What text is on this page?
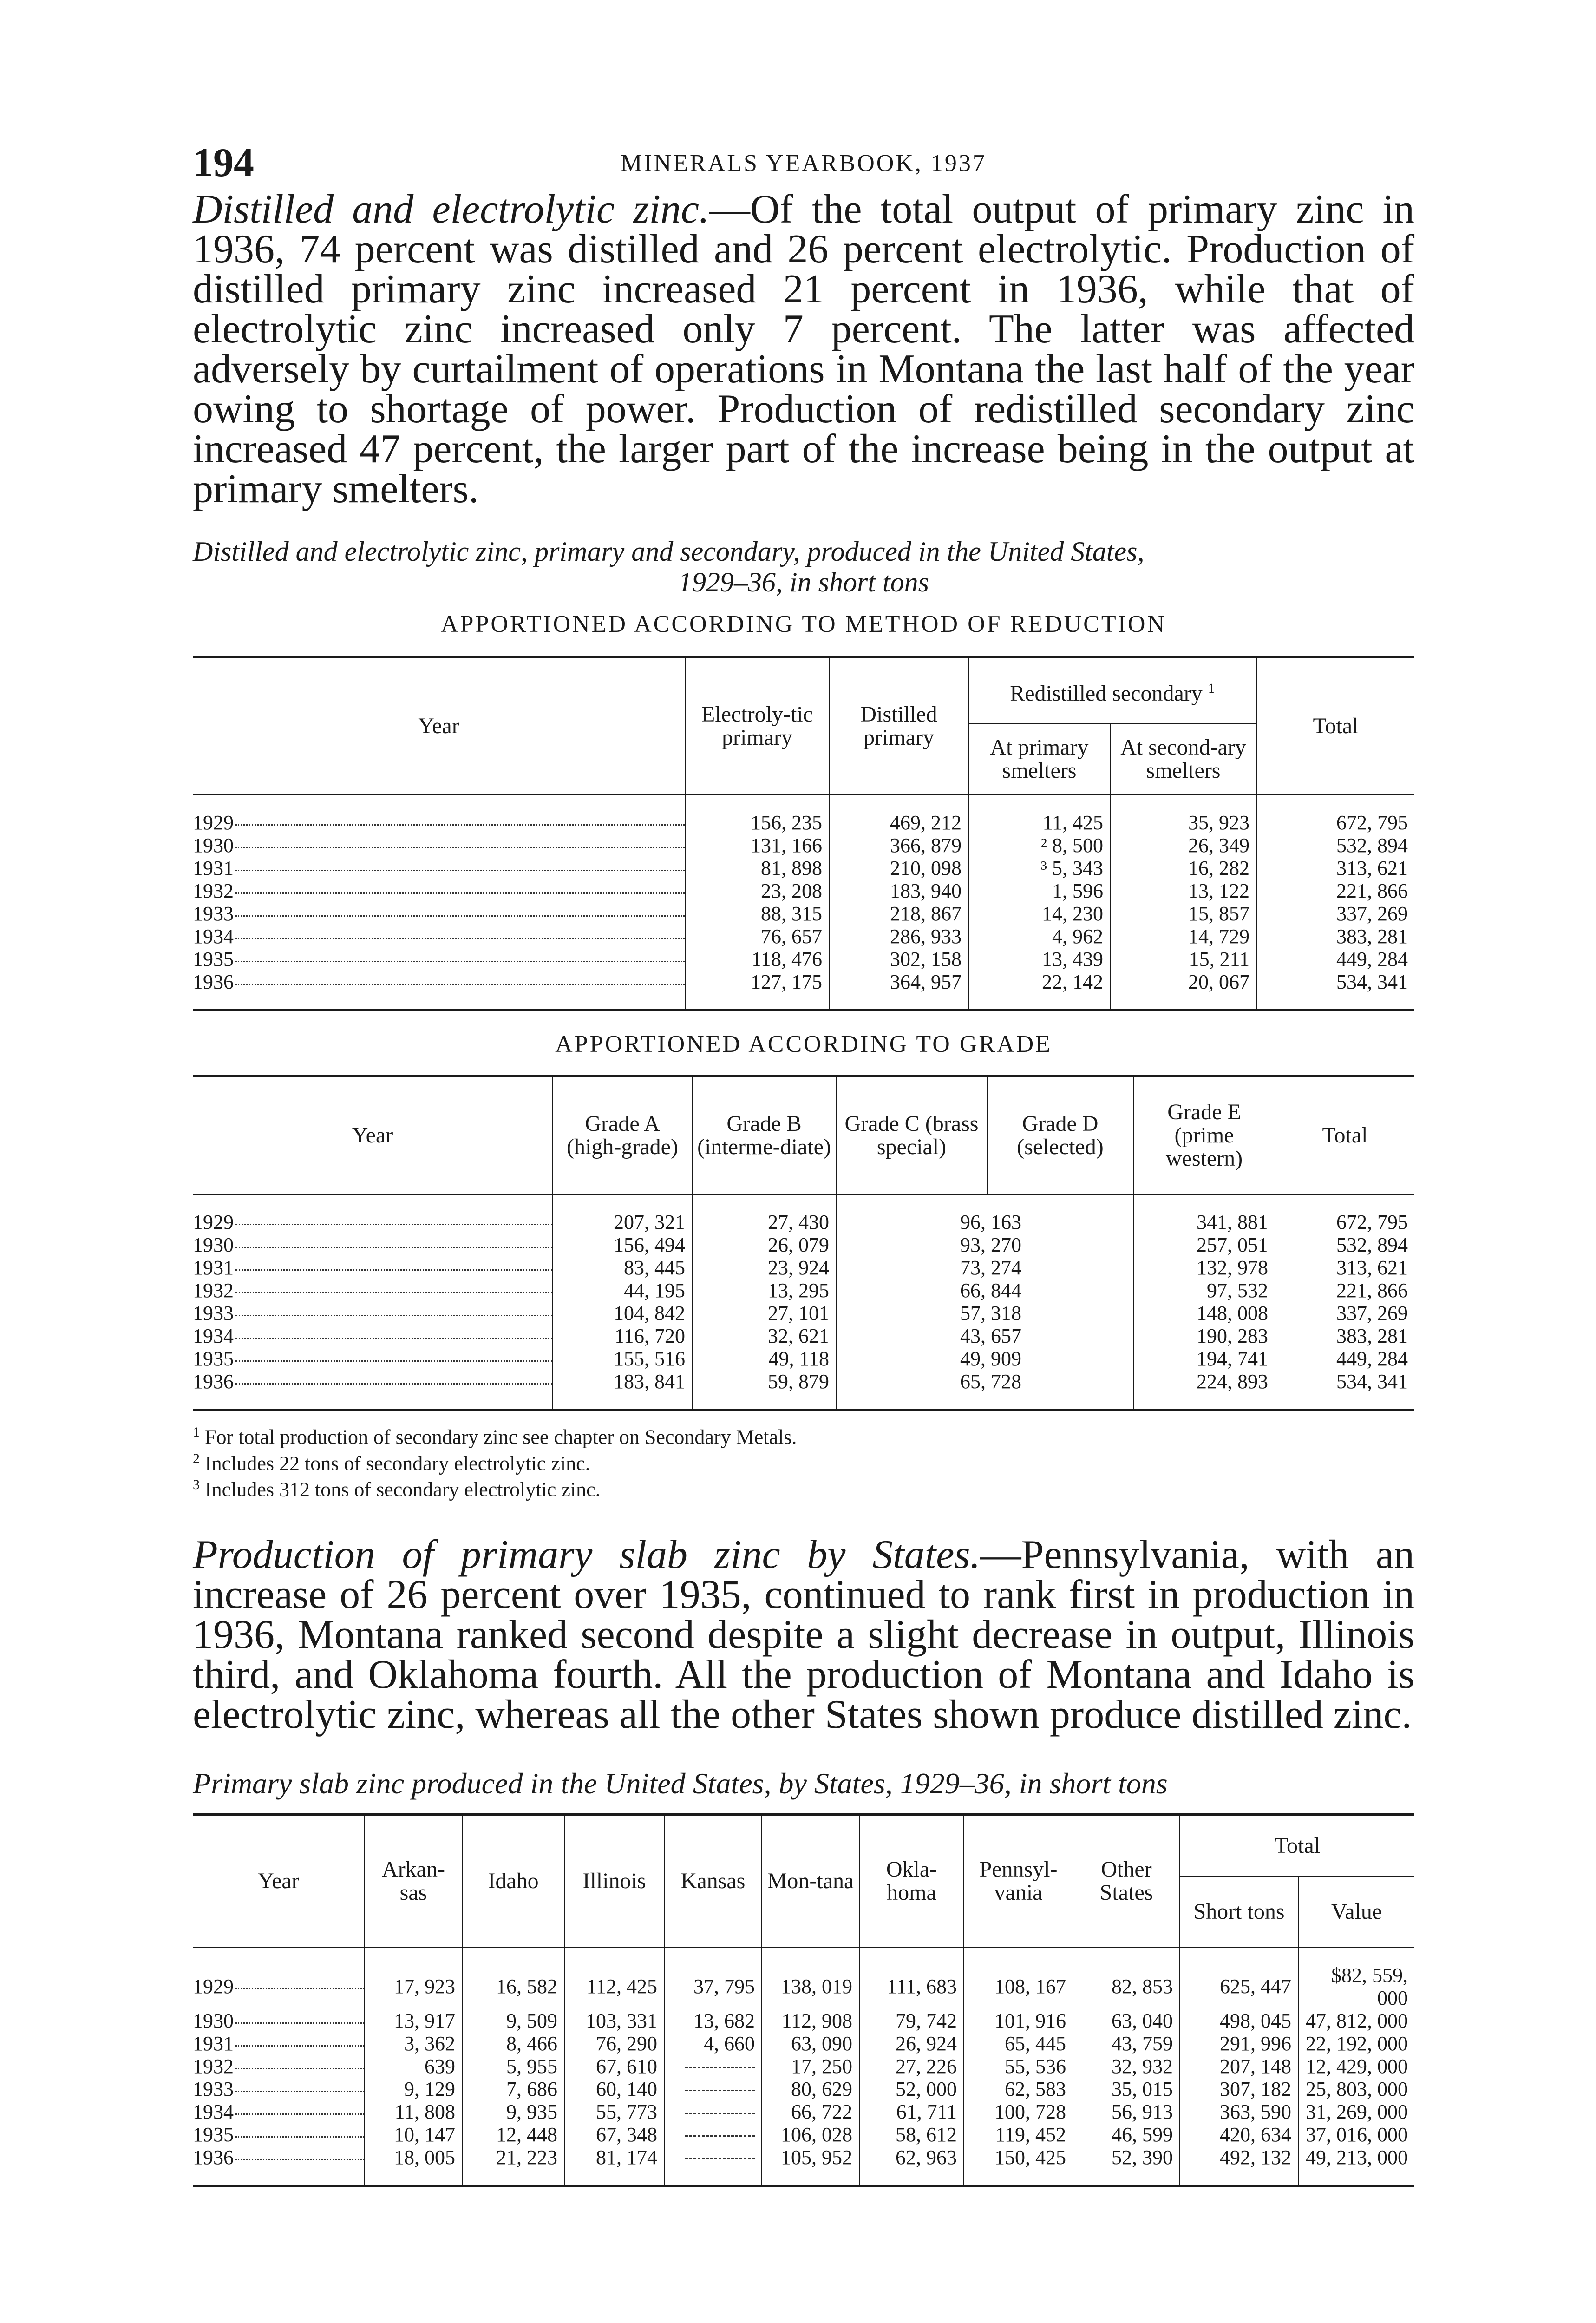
194	MINERALS YEARBOOK, 1937

Distilled and electrolytic zinc.—Of the total output of primary zinc in 1936, 74 percent was distilled and 26 percent electrolytic. Production of distilled primary zinc increased 21 percent in 1936, while that of electrolytic zinc increased only 7 percent. The latter was affected adversely by curtailment of operations in Montana the last half of the year owing to shortage of power. Production of redistilled secondary zinc increased 47 percent, the larger part of the increase being in the output at primary smelters.

Distilled and electrolytic zinc, primary and secondary, produced in the United States,

1929–36, in short tons

APPORTIONED ACCORDING TO METHOD OF REDUCTION
Year	Electroly-tic primary	Distilled primary	Redistilled secondary $^1$		Total
			At primary smelters	At second-ary smelters	

1929	156, 235	469, 212	11, 425	35, 923	672, 795

1930	131, 166	366, 879	² 8, 500	26, 349	532, 894

1931	81, 898	210, 098	³ 5, 343	16, 282	313, 621

1932	23, 208	183, 940	1, 596	13, 122	221, 866

1933	88, 315	218, 867	14, 230	15, 857	337, 269

1934	76, 657	286, 933	4, 962	14, 729	383, 281

1935	118, 476	302, 158	13, 439	15, 211	449, 284

1936	127, 175	364, 957	22, 142	20, 067	534, 341

APPORTIONED ACCORDING TO GRADE
Year	Grade A (high-grade)	Grade B (interme-diate)	Grade C (brass special)	Grade D (selected)	Grade E (prime western)	Total

1929	207, 321	27, 430	96, 163		341, 881	672, 795

1930	156, 494	26, 079	93, 270		257, 051	532, 894

1931	83, 445	23, 924	73, 274		132, 978	313, 621

1932	44, 195	13, 295	66, 844		97, 532	221, 866

1933	104, 842	27, 101	57, 318		148, 008	337, 269

1934	116, 720	32, 621	43, 657		190, 283	383, 281

1935	155, 516	49, 118	49, 909		194, 741	449, 284

1936	183, 841	59, 879	65, 728		224, 893	534, 341

$^1$ For total production of secondary zinc see chapter on Secondary Metals.
$^2$ Includes 22 tons of secondary electrolytic zinc.
$^3$ Includes 312 tons of secondary electrolytic zinc.

Production of primary slab zinc by States.—Pennsylvania, with an increase of 26 percent over 1935, continued to rank first in production in 1936, Montana ranked second despite a slight decrease in output, Illinois third, and Oklahoma fourth. All the production of Montana and Idaho is electrolytic zinc, whereas all the other States shown produce distilled zinc.

Primary slab zinc produced in the United States, by States, 1929–36, in short tons

Year	Arkan-sas	Idaho	Illinois	Kansas	Mon-tana	Okla-homa	Pennsyl-vania	Other States	Total	
									Short tons	Value

1929	17, 923	16, 582	112, 425	37, 795	138, 019	111, 683	108, 167	82, 853	625, 447	$82, 559, 000

1930	13, 917	9, 509	103, 331	13, 682	112, 908	79, 742	101, 916	63, 040	498, 045	47, 812, 000

1931	3, 362	8, 466	76, 290	4, 660	63, 090	26, 924	65, 445	43, 759	291, 996	22, 192, 000

1932	639	5, 955	67, 610		17, 250	27, 226	55, 536	32, 932	207, 148	12, 429, 000

1933	9, 129	7, 686	60, 140		80, 629	52, 000	62, 583	35, 015	307, 182	25, 803, 000

1934	11, 808	9, 935	55, 773		66, 722	61, 711	100, 728	56, 913	363, 590	31, 269, 000

1935	10, 147	12, 448	67, 348		106, 028	58, 612	119, 452	46, 599	420, 634	37, 016, 000

1936	18, 005	21, 223	81, 174		105, 952	62, 963	150, 425	52, 390	492, 132	49, 213, 000
